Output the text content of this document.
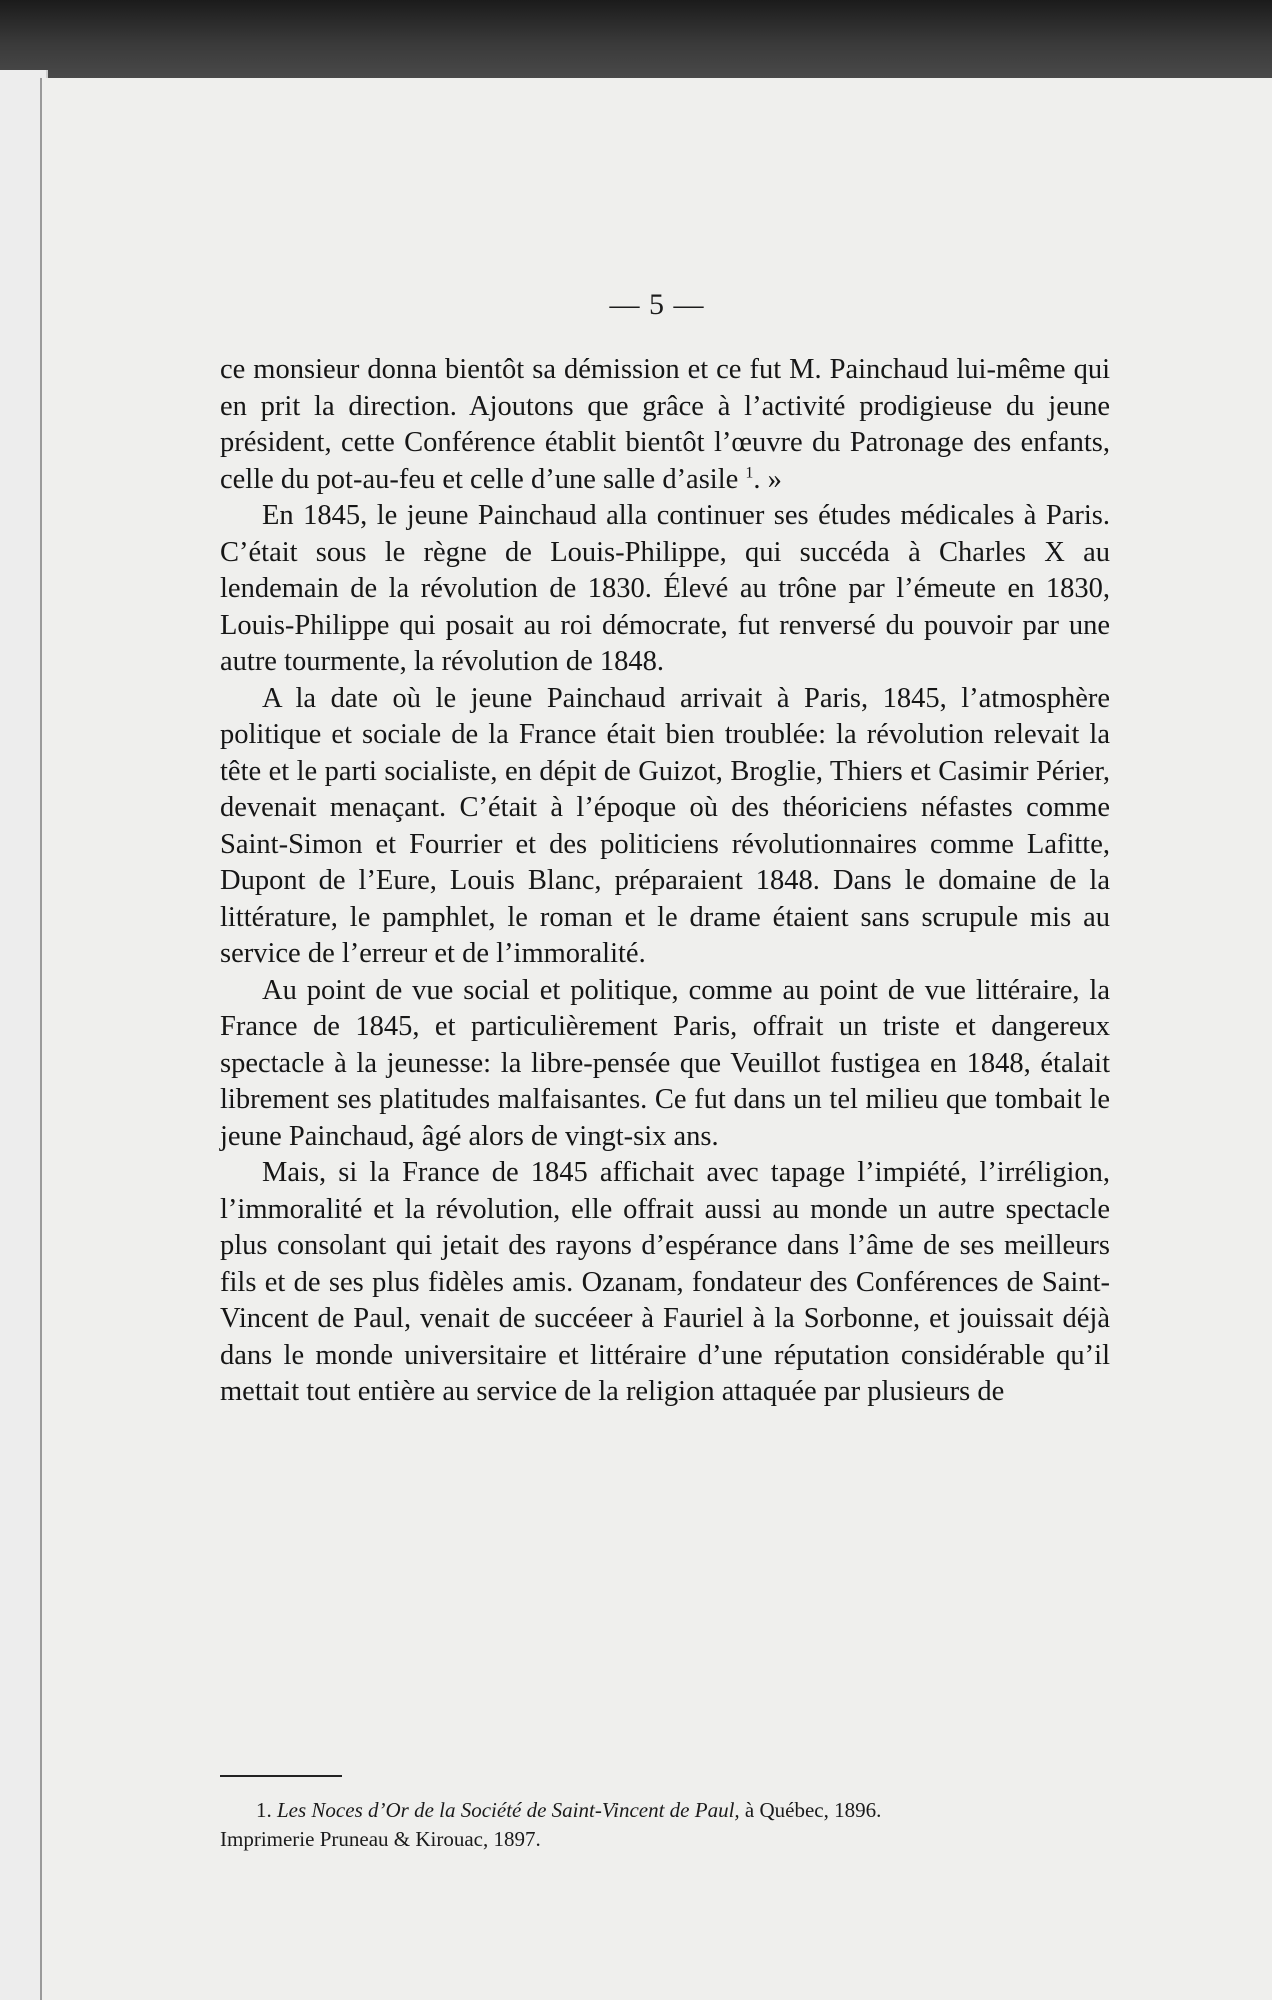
— 5 —

ce monsieur donna bientôt sa démission et ce fut M. Painchaud lui-même qui en prit la direction. Ajoutons que grâce à l’activité prodigieuse du jeune président, cette Conférence établit bientôt l’œuvre du Patronage des enfants, celle du pot-au-feu et celle d’une salle d’asile $^1$. »

En 1845, le jeune Painchaud alla continuer ses études médicales à Paris. C’était sous le règne de Louis-Philippe, qui succéda à Charles X au lendemain de la révolution de 1830. Élevé au trône par l’émeute en 1830, Louis-Philippe qui posait au roi démocrate, fut renversé du pouvoir par une autre tourmente, la révolution de 1848.

A la date où le jeune Painchaud arrivait à Paris, 1845, l’atmosphère politique et sociale de la France était bien troublée: la révolution relevait la tête et le parti socialiste, en dépit de Guizot, Broglie, Thiers et Casimir Périer, devenait menaçant. C’était à l’époque où des théoriciens néfastes comme Saint-Simon et Fourrier et des politiciens révolutionnaires comme Lafitte, Dupont de l’Eure, Louis Blanc, préparaient 1848. Dans le domaine de la littérature, le pamphlet, le roman et le drame étaient sans scrupule mis au service de l’erreur et de l’immoralité.

Au point de vue social et politique, comme au point de vue littéraire, la France de 1845, et particulièrement Paris, offrait un triste et dangereux spectacle à la jeunesse: la libre-pensée que Veuillot fustigea en 1848, étalait librement ses platitudes malfaisantes. Ce fut dans un tel milieu que tombait le jeune Painchaud, âgé alors de vingt-six ans.

Mais, si la France de 1845 affichait avec tapage l’impiété, l’irréligion, l’immoralité et la révolution, elle offrait aussi au monde un autre spectacle plus consolant qui jetait des rayons d’espérance dans l’âme de ses meilleurs fils et de ses plus fidèles amis. Ozanam, fondateur des Conférences de Saint-Vincent de Paul, venait de succéeer à Fauriel à la Sorbonne, et jouissait déjà dans le monde universitaire et littéraire d’une réputation considérable qu’il mettait tout entière au service de la religion attaquée par plusieurs de

1. Les Noces d’Or de la Société de Saint-Vincent de Paul, à Québec, 1896.
Imprimerie Pruneau & Kirouac, 1897.
